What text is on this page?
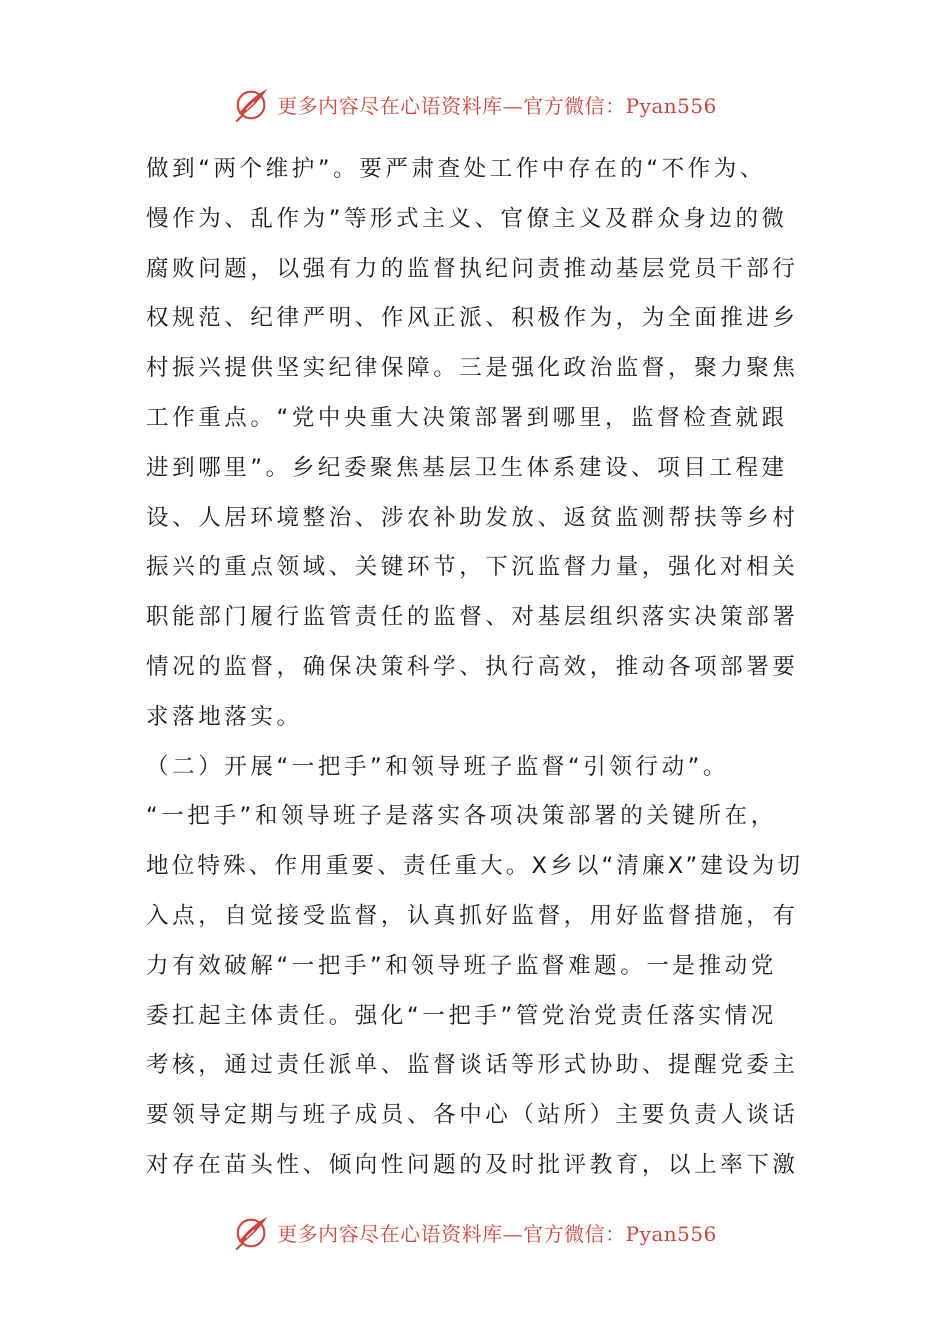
更多内容尽在心语资料库—官方微信：Pyan556
做到“两个维护”。要严肃查处工作中存在的“不作为、
慢作为、乱作为”等形式主义、官僚主义及群众身边的微
腐败问题，以强有力的监督执纪问责推动基层党员干部行
权规范、纪律严明、作风正派、积极作为，为全面推进乡
村振兴提供坚实纪律保障。三是强化政治监督，聚力聚焦
工作重点。“党中央重大决策部署到哪里，监督检查就跟
进到哪里”。乡纪委聚焦基层卫生体系建设、项目工程建
设、人居环境整治、涉农补助发放、返贫监测帮扶等乡村
振兴的重点领域、关键环节，下沉监督力量，强化对相关
职能部门履行监管责任的监督、对基层组织落实决策部署
情况的监督，确保决策科学、执行高效，推动各项部署要
求落地落实。
（二）开展“一把手”和领导班子监督“引领行动”。
“一把手”和领导班子是落实各项决策部署的关键所在，
地位特殊、作用重要、责任重大。X乡以“清廉X”建设为切
入点，自觉接受监督，认真抓好监督，用好监督措施，有
力有效破解“一把手”和领导班子监督难题。一是推动党
委扛起主体责任。强化“一把手”管党治党责任落实情况
考核，通过责任派单、监督谈话等形式协助、提醒党委主
要领导定期与班子成员、各中心（站所）主要负责人谈话
对存在苗头性、倾向性问题的及时批评教育，以上率下激
更多内容尽在心语资料库—官方微信：Pyan556
